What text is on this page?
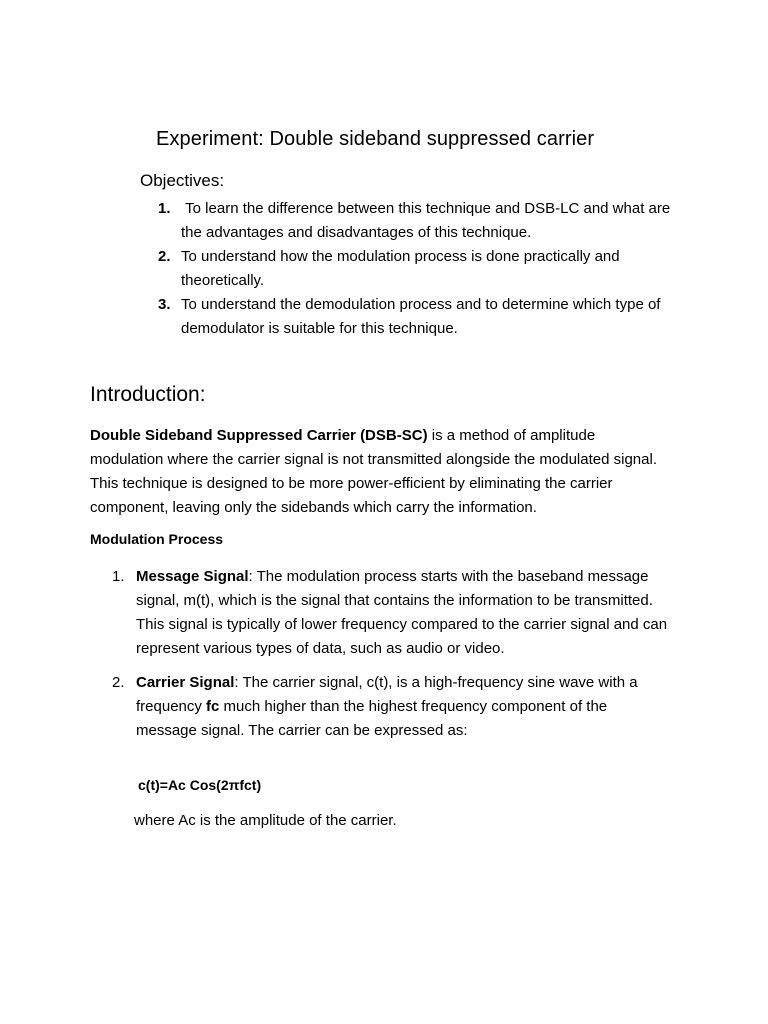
Experiment: Double sideband suppressed carrier
Objectives:
1. To learn the difference between this technique and DSB-LC and what are the advantages and disadvantages of this technique.
2. To understand how the modulation process is done practically and theoretically.
3. To understand the demodulation process and to determine which type of demodulator is suitable for this technique.
Introduction:
Double Sideband Suppressed Carrier (DSB-SC) is a method of amplitude modulation where the carrier signal is not transmitted alongside the modulated signal. This technique is designed to be more power-efficient by eliminating the carrier component, leaving only the sidebands which carry the information.
Modulation Process
1. Message Signal: The modulation process starts with the baseband message signal, m(t), which is the signal that contains the information to be transmitted. This signal is typically of lower frequency compared to the carrier signal and can represent various types of data, such as audio or video.
2. Carrier Signal: The carrier signal, c(t), is a high-frequency sine wave with a frequency fc much higher than the highest frequency component of the message signal. The carrier can be expressed as:
c(t)=Ac Cos(2πfct)
where Ac is the amplitude of the carrier.
